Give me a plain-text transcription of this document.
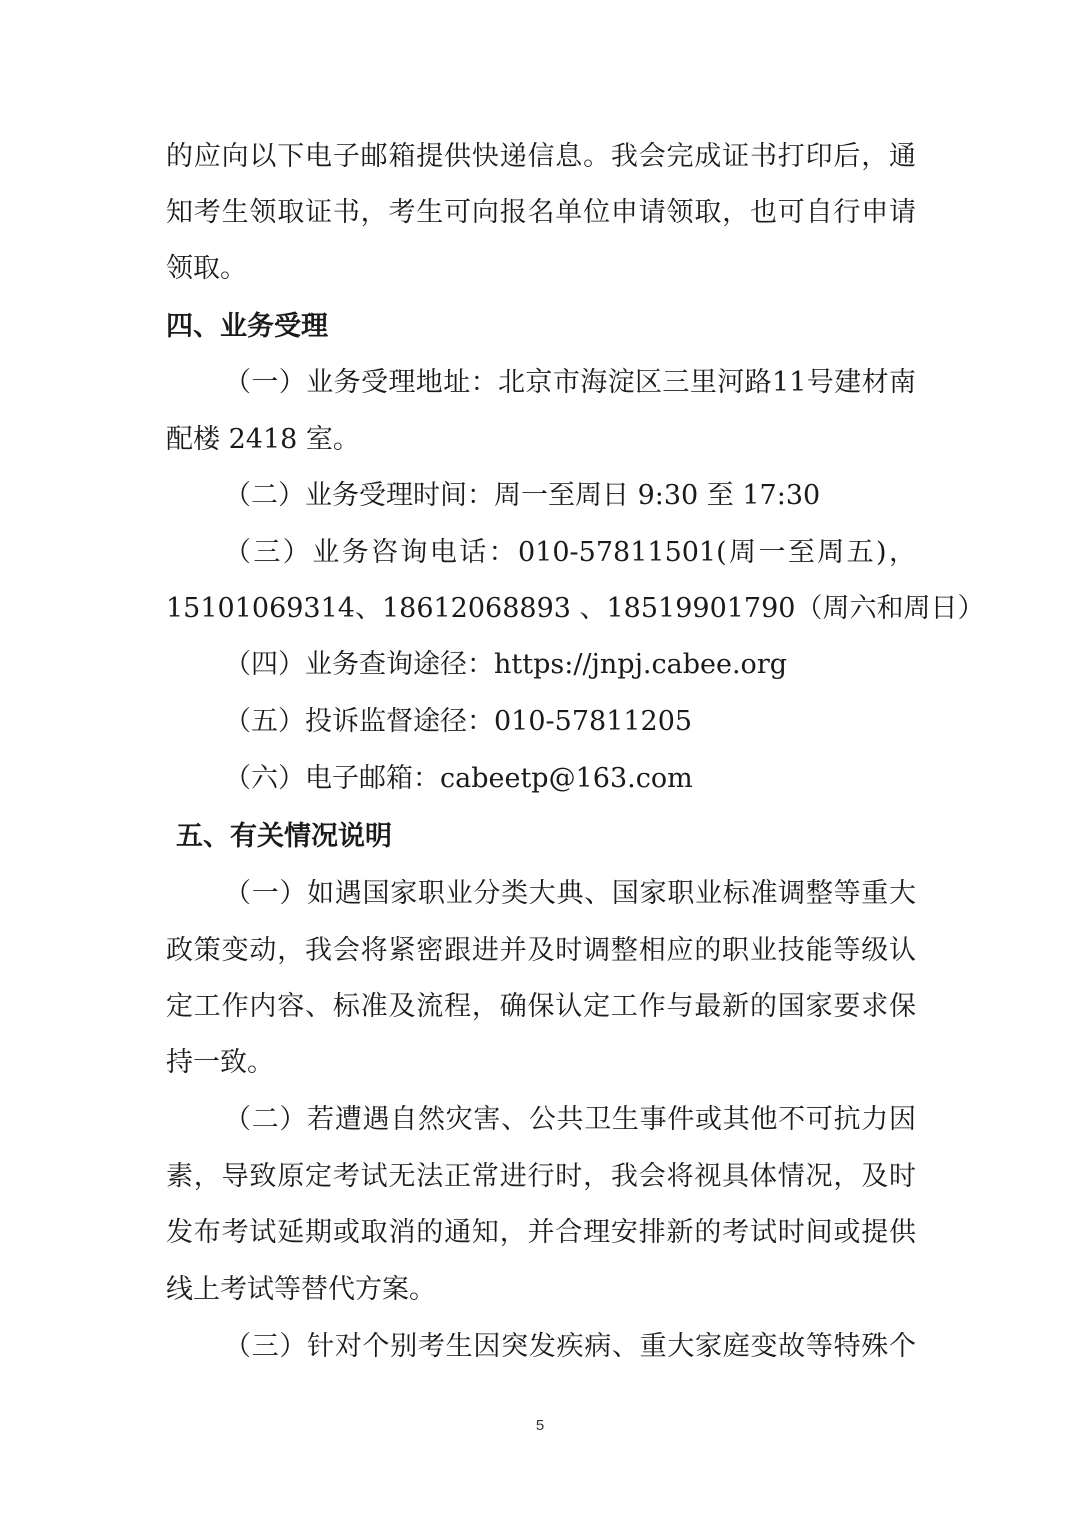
的应向以下电子邮箱提供快递信息。我会完成证书打印后，通

知考生领取证书，考生可向报名单位申请领取，也可自行申请

领取。

四、业务受理

（一）业务受理地址：北京市海淀区三里河路11号建材南

配楼 2418 室。

（二）业务受理时间：周一至周日 9:30 至 17:30

（三）业务咨询电话：010-57811501(周一至周五)，

15101069314、18612068893 、18519901790（周六和周日）

（四）业务查询途径：https://jnpj.cabee.org

（五）投诉监督途径：010-57811205

（六）电子邮箱：cabeetp@163.com

五、有关情况说明

（一）如遇国家职业分类大典、国家职业标准调整等重大

政策变动，我会将紧密跟进并及时调整相应的职业技能等级认

定工作内容、标准及流程，确保认定工作与最新的国家要求保

持一致。

（二）若遭遇自然灾害、公共卫生事件或其他不可抗力因

素，导致原定考试无法正常进行时，我会将视具体情况，及时

发布考试延期或取消的通知，并合理安排新的考试时间或提供

线上考试等替代方案。

（三）针对个别考生因突发疾病、重大家庭变故等特殊个

5
